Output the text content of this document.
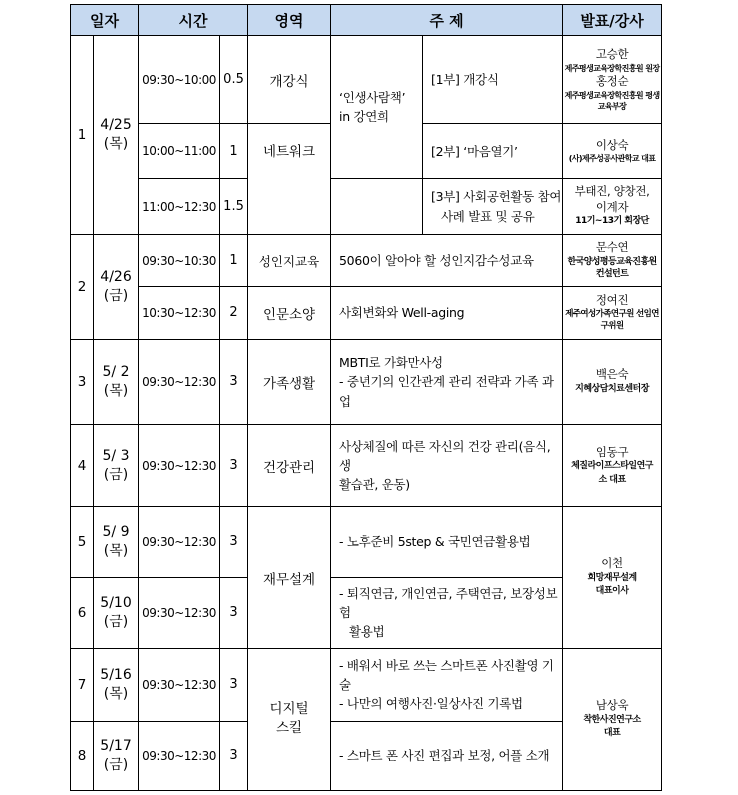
일자		시간		영역	주 제		발표/강사
1	4/25
(목)	09:30~10:00	0.5	개강식	‘인생사람책’
in 강연희	[1부] 개강식	고승한
제주평생교육장학진흥원 원장
홍정순
제주평생교육장학진흥원 평생교육부장

		10:00~11:00	1	네트워크		[2부] ‘마음열기’	이상숙
(사)제주성공사관학교 대표

		11:00~12:30	1.5			[3부] 사회공헌활동 참여
사례 발표 및 공유	부태진, 양창전,
이계자
11기~13기 회장단

2	4/26
(금)	09:30~10:30	1	성인지교육	5060이 알아야 할 성인지감수성교육		문수연
한국양성평등교육진흥원 컨설턴트

		10:30~12:30	2	인문소양	사회변화와 Well-aging		정여진
제주여성가족연구원 선임연구위원

3	5/ 2
(목)	09:30~12:30	3	가족생활	MBTI로 가화만사성
- 중년기의 인간관계 관리 전략과 가족 과업		백은숙
지혜상담치료센터장

4	5/ 3
(금)	09:30~12:30	3	건강관리	사상체질에 따른 자신의 건강 관리(음식, 생
활습관, 운동)		임동구
체질라이프스타일연구소 대표

5	5/ 9
(목)	09:30~12:30	3	재무설계	- 노후준비 5step & 국민연금활용법		이천
희망재무설계
대표이사

6	5/10
(금)	09:30~12:30	3		- 퇴직연금, 개인연금, 주택연금, 보장성보험
활용법		

7	5/16
(목)	09:30~12:30	3	디지털
스킬	- 배워서 바로 쓰는 스마트폰 사진촬영 기술
- 나만의 여행사진·일상사진 기록법		남상욱
착한사진연구소
대표

8	5/17
(금)	09:30~12:30	3		- 스마트 폰 사진 편집과 보정, 어플 소개		
